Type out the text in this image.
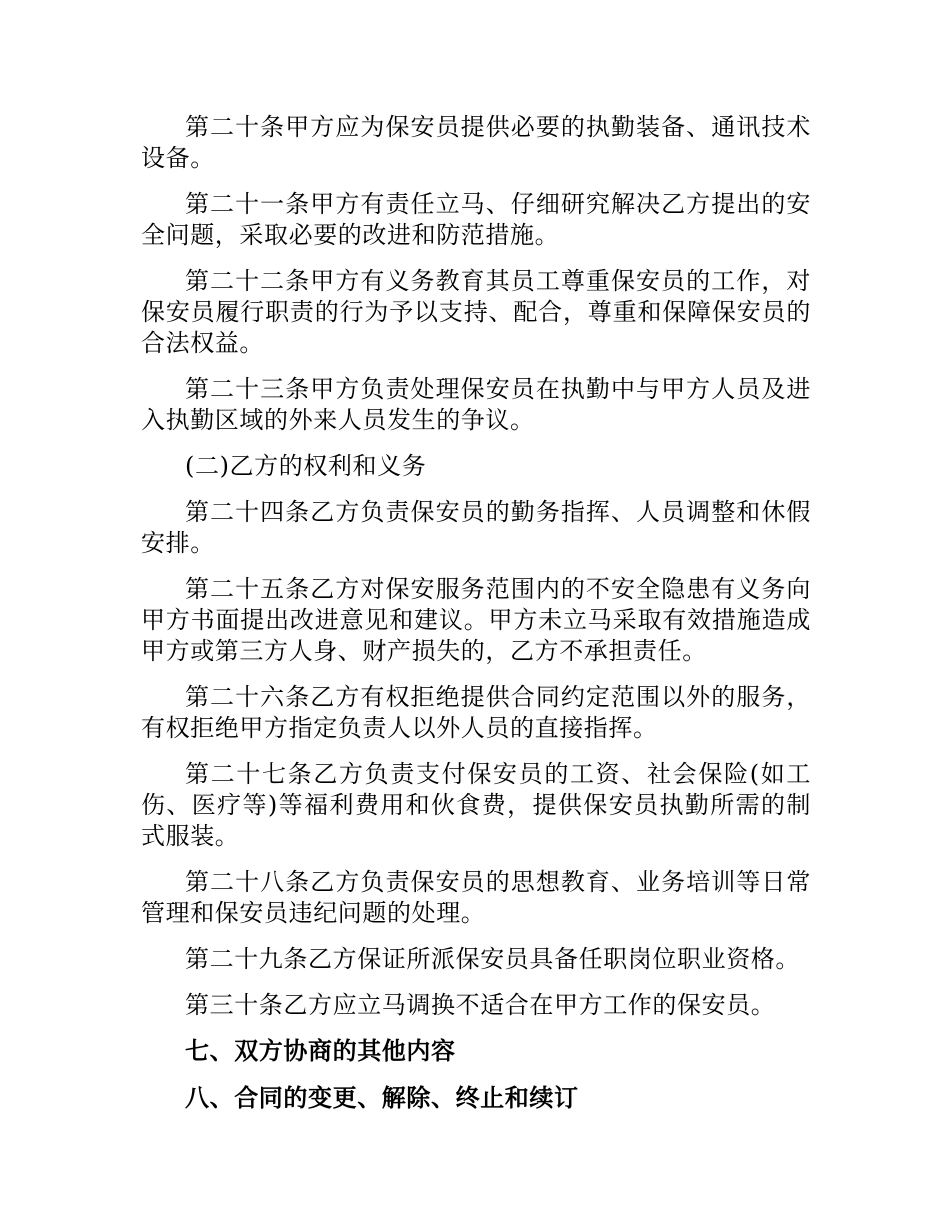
第二十条甲方应为保安员提供必要的执勤装备、通讯技术设备。

第二十一条甲方有责任立马、仔细研究解决乙方提出的安全问题，采取必要的改进和防范措施。

第二十二条甲方有义务教育其员工尊重保安员的工作，对保安员履行职责的行为予以支持、配合，尊重和保障保安员的合法权益。

第二十三条甲方负责处理保安员在执勤中与甲方人员及进入执勤区域的外来人员发生的争议。

(二)乙方的权利和义务

第二十四条乙方负责保安员的勤务指挥、人员调整和休假安排。

第二十五条乙方对保安服务范围内的不安全隐患有义务向甲方书面提出改进意见和建议。甲方未立马采取有效措施造成甲方或第三方人身、财产损失的，乙方不承担责任。

第二十六条乙方有权拒绝提供合同约定范围以外的服务，有权拒绝甲方指定负责人以外人员的直接指挥。

第二十七条乙方负责支付保安员的工资、社会保险(如工伤、医疗等)等福利费用和伙食费，提供保安员执勤所需的制式服装。

第二十八条乙方负责保安员的思想教育、业务培训等日常管理和保安员违纪问题的处理。

第二十九条乙方保证所派保安员具备任职岗位职业资格。

第三十条乙方应立马调换不适合在甲方工作的保安员。

七、双方协商的其他内容

八、合同的变更、解除、终止和续订
